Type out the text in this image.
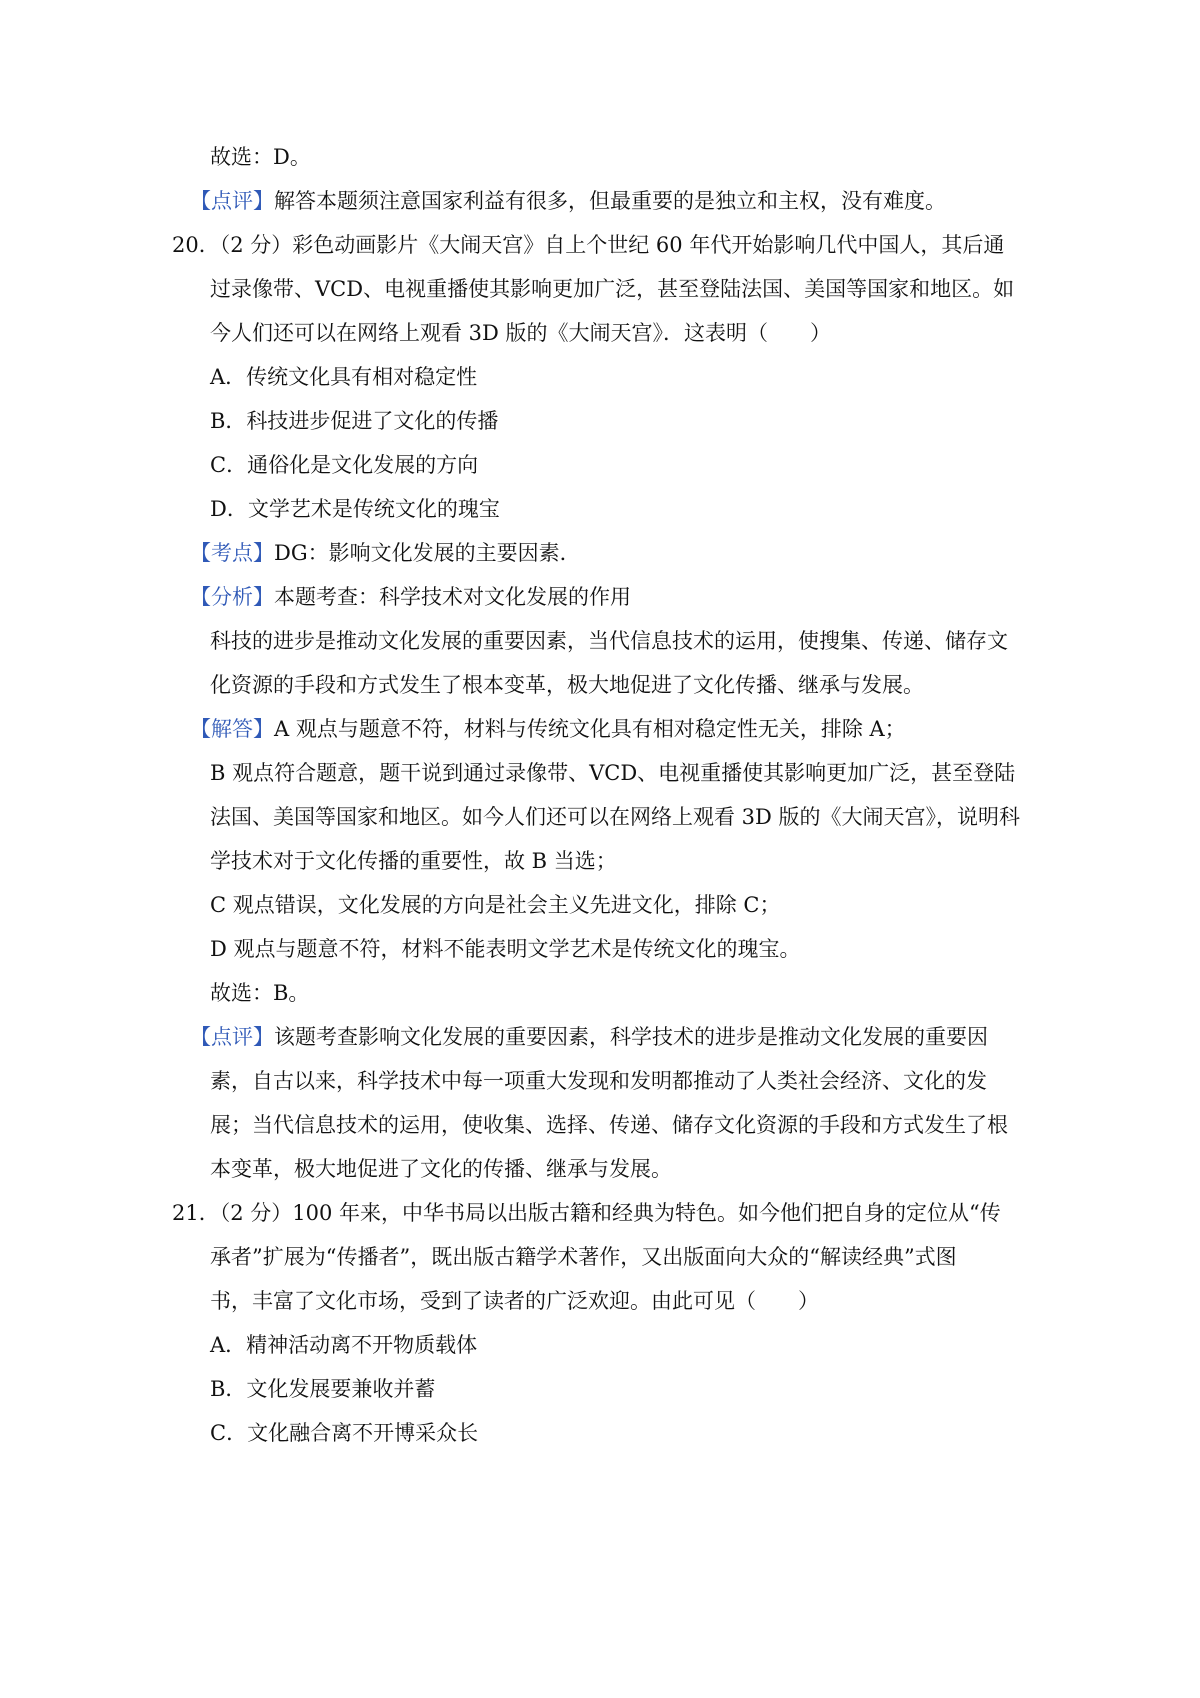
故选：D。
【点评】解答本题须注意国家利益有很多，但最重要的是独立和主权，没有难度。
20．（2 分）彩色动画影片《大闹天宫》自上个世纪 60 年代开始影响几代中国人，其后通
过录像带、VCD、电视重播使其影响更加广泛，甚至登陆法国、美国等国家和地区。如
今人们还可以在网络上观看 3D 版的《大闹天宫》．这表明（　　）
A．传统文化具有相对稳定性
B．科技进步促进了文化的传播
C．通俗化是文化发展的方向
D．文学艺术是传统文化的瑰宝
【考点】DG：影响文化发展的主要因素．
【分析】本题考查：科学技术对文化发展的作用
科技的进步是推动文化发展的重要因素，当代信息技术的运用，使搜集、传递、储存文
化资源的手段和方式发生了根本变革，极大地促进了文化传播、继承与发展。
【解答】A 观点与题意不符，材料与传统文化具有相对稳定性无关，排除 A；
B 观点符合题意，题干说到通过录像带、VCD、电视重播使其影响更加广泛，甚至登陆
法国、美国等国家和地区。如今人们还可以在网络上观看 3D 版的《大闹天宫》，说明科
学技术对于文化传播的重要性，故 B 当选；
C 观点错误，文化发展的方向是社会主义先进文化，排除 C；
D 观点与题意不符，材料不能表明文学艺术是传统文化的瑰宝。
故选：B。
【点评】该题考查影响文化发展的重要因素，科学技术的进步是推动文化发展的重要因
素，自古以来，科学技术中每一项重大发现和发明都推动了人类社会经济、文化的发
展；当代信息技术的运用，使收集、选择、传递、储存文化资源的手段和方式发生了根
本变革，极大地促进了文化的传播、继承与发展。
21．（2 分）100 年来，中华书局以出版古籍和经典为特色。如今他们把自身的定位从“传
承者”扩展为“传播者”，既出版古籍学术著作，又出版面向大众的“解读经典”式图
书，丰富了文化市场，受到了读者的广泛欢迎。由此可见（　　）
A．精神活动离不开物质载体
B．文化发展要兼收并蓄
C．文化融合离不开博采众长
